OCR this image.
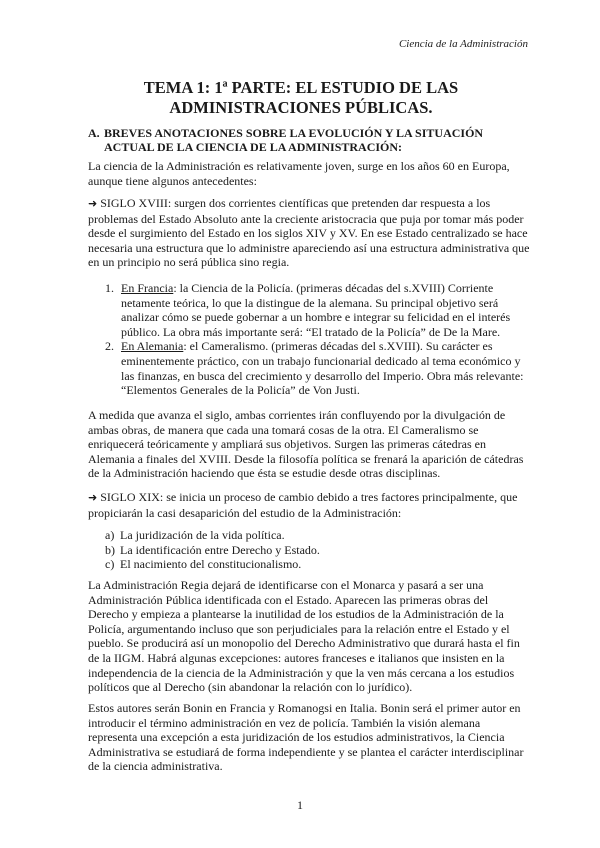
Ciencia de la Administración
TEMA 1: 1ª PARTE: EL ESTUDIO DE LAS
ADMINISTRACIONES PÚBLICAS.
A. BREVES ANOTACIONES SOBRE LA EVOLUCIÓN Y LA SITUACIÓN ACTUAL DE LA CIENCIA DE LA ADMINISTRACIÓN:

La ciencia de la Administración es relativamente joven, surge en los años 60 en Europa, aunque tiene algunos antecedentes:

➜ SIGLO XVIII: surgen dos corrientes científicas que pretenden dar respuesta a los problemas del Estado Absoluto ante la creciente aristocracia que puja por tomar más poder desde el surgimiento del Estado en los siglos XIV y XV. En ese Estado centralizado se hace necesaria una estructura que lo administre apareciendo así una estructura administrativa que en un principio no será pública sino regia.

1. En Francia: la Ciencia de la Policía. (primeras décadas del s.XVIII) Corriente netamente teórica, lo que la distingue de la alemana. Su principal objetivo será analizar cómo se puede gobernar a un hombre e integrar su felicidad en el interés público. La obra más importante será: “El tratado de la Policía” de De la Mare.
2. En Alemania: el Cameralismo. (primeras décadas del s.XVIII). Su carácter es eminentemente práctico, con un trabajo funcionarial dedicado al tema económico y las finanzas, en busca del crecimiento y desarrollo del Imperio. Obra más relevante: “Elementos Generales de la Policía” de Von Justi.

A medida que avanza el siglo, ambas corrientes irán confluyendo por la divulgación de ambas obras, de manera que cada una tomará cosas de la otra. El Cameralismo se enriquecerá teóricamente y ampliará sus objetivos. Surgen las primeras cátedras en Alemania a finales del XVIII. Desde la filosofía política se frenará la aparición de cátedras de la Administración haciendo que ésta se estudie desde otras disciplinas.

➜ SIGLO XIX: se inicia un proceso de cambio debido a tres factores principalmente, que propiciarán la casi desaparición del estudio de la Administración:

a) La juridización de la vida política.
b) La identificación entre Derecho y Estado.
c) El nacimiento del constitucionalismo.

La Administración Regia dejará de identificarse con el Monarca y pasará a ser una Administración Pública identificada con el Estado. Aparecen las primeras obras del Derecho y empieza a plantearse la inutilidad de los estudios de la Administración de la Policía, argumentando incluso que son perjudiciales para la relación entre el Estado y el pueblo. Se producirá así un monopolio del Derecho Administrativo que durará hasta el fin de la IIGM. Habrá algunas excepciones: autores franceses e italianos que insisten en la independencia de la ciencia de la Administración y que la ven más cercana a los estudios políticos que al Derecho (sin abandonar la relación con lo jurídico).

Estos autores serán Bonin en Francia y Romanogsi en Italia. Bonin será el primer autor en introducir el término administración en vez de policía. También la visión alemana representa una excepción a esta juridización de los estudios administrativos, la Ciencia Administrativa se estudiará de forma independiente y se plantea el carácter interdisciplinar de la ciencia administrativa.

1
